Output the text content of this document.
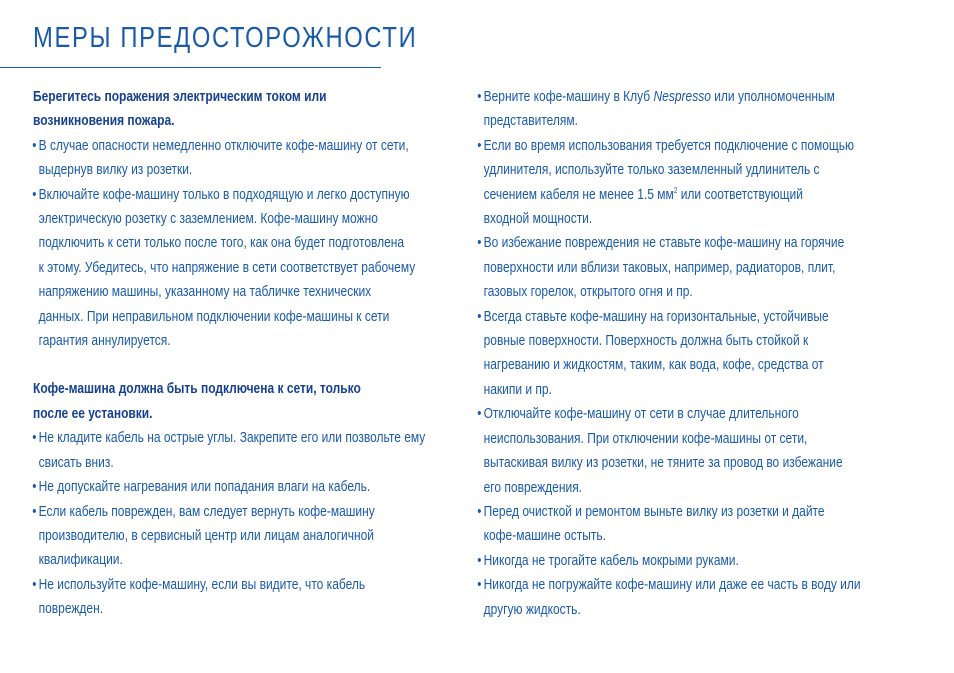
МЕРЫ ПРЕДОСТОРОЖНОСТИ

Берегитесь поражения электрическим током или
возникновения пожара.

• В случае опасности немедленно отключите кофе-машину от сети,
выдернув вилку из розетки.
• Включайте кофе-машину только в подходящую и легко доступную
электрическую розетку с заземлением. Кофе-машину можно
подключить к сети только после того, как она будет подготовлена
к этому. Убедитесь, что напряжение в сети соответствует рабочему
напряжению машины, указанному на табличке технических
данных. При неправильном подключении кофе-машины к сети
гарантия аннулируется.

Кофе-машина должна быть подключена к сети, только
после ее установки.

• Не кладите кабель на острые углы. Закрепите его или позвольте ему
свисать вниз.
• Не допускайте нагревания или попадания влаги на кабель.
• Если кабель поврежден, вам следует вернуть кофе-машину
производителю, в сервисный центр или лицам аналогичной
квалификации.
• Не используйте кофе-машину, если вы видите, что кабель
поврежден.
• Верните кофе-машину в Клуб Nespresso или уполномоченным
представителям.
• Если во время использования требуется подключение с помощью
удлинителя, используйте только заземленный удлинитель с
сечением кабеля не менее 1.5 $мм^2$ или соответствующий
входной мощности.
• Во избежание повреждения не ставьте кофе-машину на горячие
поверхности или вблизи таковых, например, радиаторов, плит,
газовых горелок, открытого огня и пр.
• Всегда ставьте кофе-машину на горизонтальные, устойчивые
ровные поверхности. Поверхность должна быть стойкой к
нагреванию и жидкостям, таким, как вода, кофе, средства от
накипи и пр.
• Отключайте кофе-машину от сети в случае длительного
неиспользования. При отключении кофе-машины от сети,
вытаскивая вилку из розетки, не тяните за провод во избежание
его повреждения.
• Перед очисткой и ремонтом выньте вилку из розетки и дайте
кофе-машине остыть.
• Никогда не трогайте кабель мокрыми руками.
• Никогда не погружайте кофе-машину или даже ее часть в воду или
другую жидкость.
